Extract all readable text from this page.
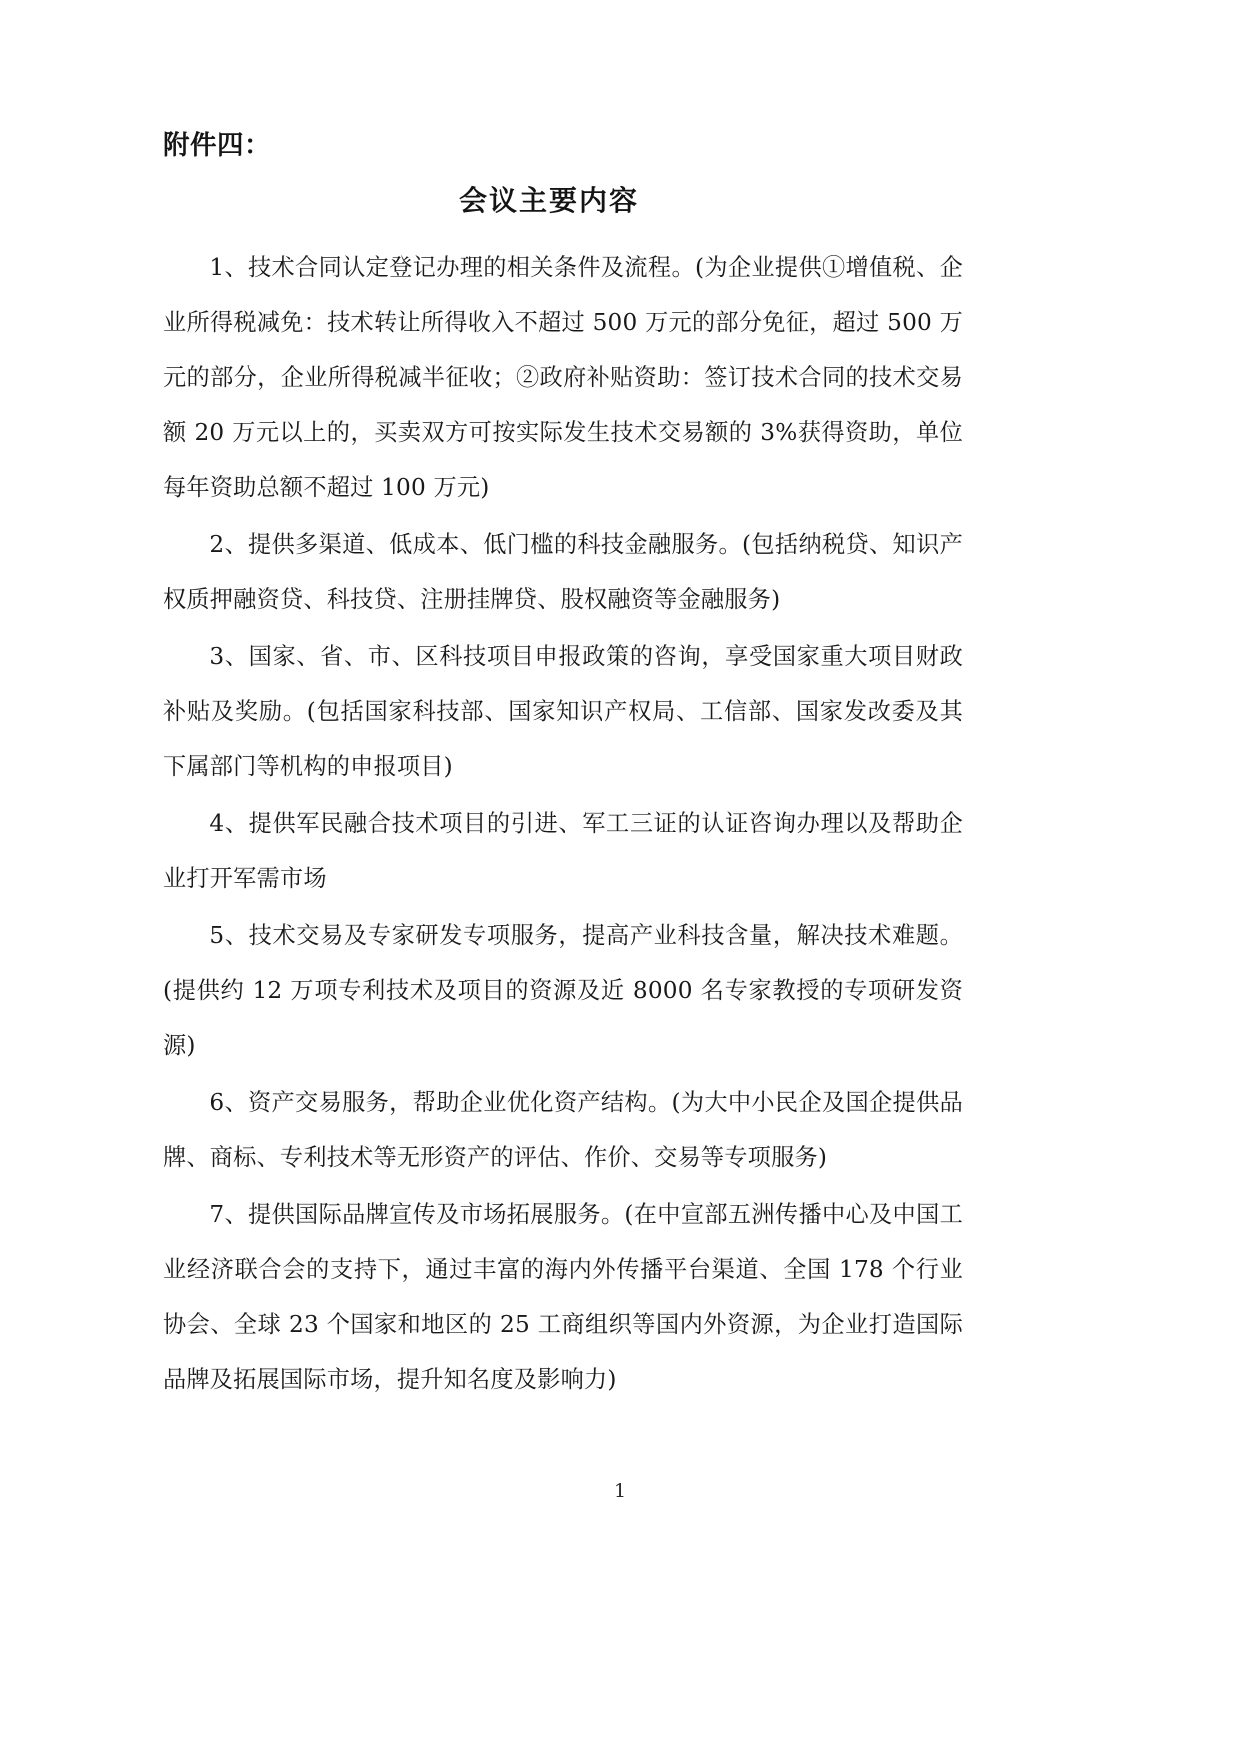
附件四：
会议主要内容

1、技术合同认定登记办理的相关条件及流程。(为企业提供①增值税、企业所得税减免：技术转让所得收入不超过 500 万元的部分免征，超过 500 万元的部分，企业所得税减半征收；②政府补贴资助：签订技术合同的技术交易额 20 万元以上的，买卖双方可按实际发生技术交易额的 3%获得资助，单位每年资助总额不超过 100 万元)

2、提供多渠道、低成本、低门槛的科技金融服务。(包括纳税贷、知识产权质押融资贷、科技贷、注册挂牌贷、股权融资等金融服务)

3、国家、省、市、区科技项目申报政策的咨询，享受国家重大项目财政补贴及奖励。(包括国家科技部、国家知识产权局、工信部、国家发改委及其下属部门等机构的申报项目)

4、提供军民融合技术项目的引进、军工三证的认证咨询办理以及帮助企业打开军需市场

5、技术交易及专家研发专项服务，提高产业科技含量，解决技术难题。(提供约 12 万项专利技术及项目的资源及近 8000 名专家教授的专项研发资源)

6、资产交易服务，帮助企业优化资产结构。(为大中小民企及国企提供品牌、商标、专利技术等无形资产的评估、作价、交易等专项服务)

7、提供国际品牌宣传及市场拓展服务。(在中宣部五洲传播中心及中国工业经济联合会的支持下，通过丰富的海内外传播平台渠道、全国 178 个行业协会、全球 23 个国家和地区的 25 工商组织等国内外资源，为企业打造国际品牌及拓展国际市场，提升知名度及影响力)

1
